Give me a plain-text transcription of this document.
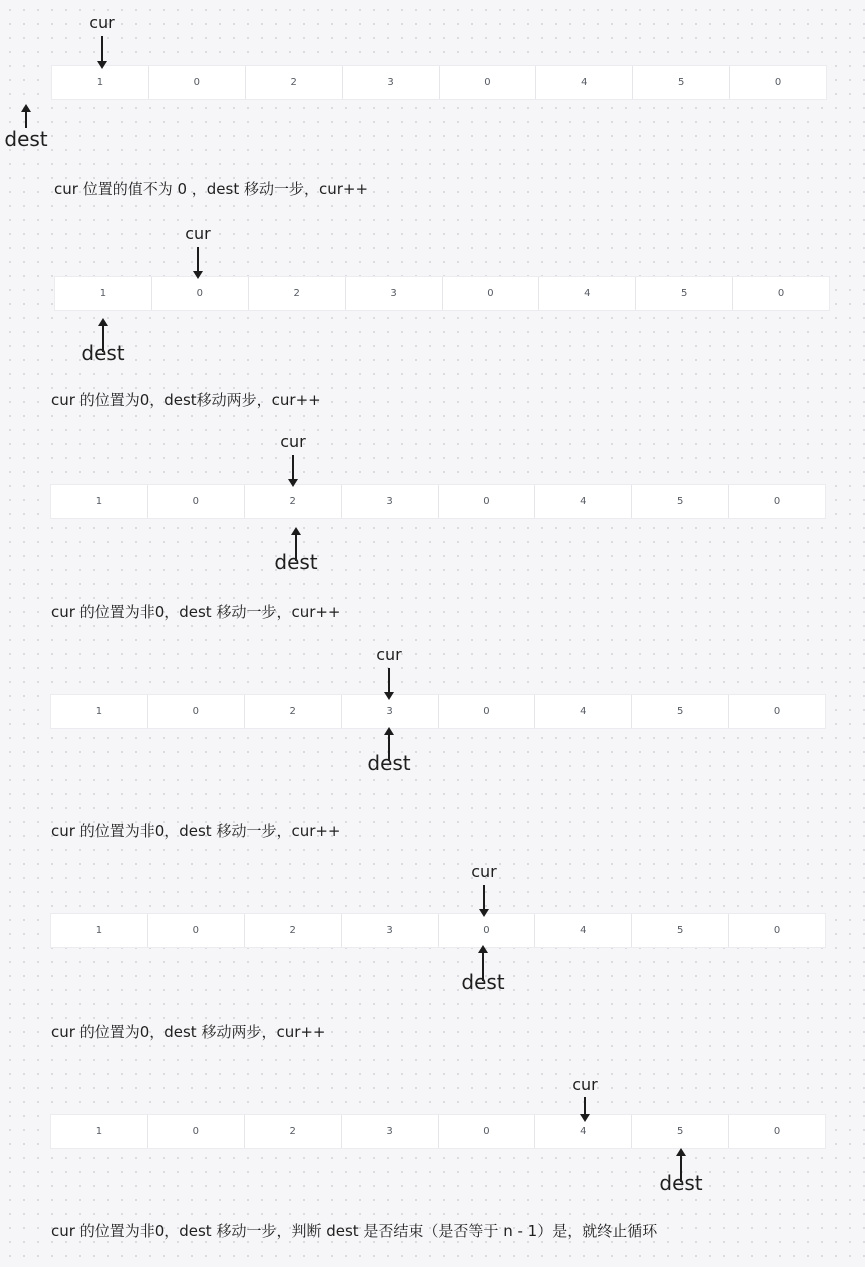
1	0	2	3	0	4	5	0
cur
dest
cur 位置的值不为 0 ，dest 移动一步，cur++
1	0	2	3	0	4	5	0
cur
dest
cur 的位置为0，dest移动两步，cur++
1	0	2	3	0	4	5	0
cur
dest
cur 的位置为非0，dest 移动一步，cur++
1	0	2	3	0	4	5	0
cur
dest
cur 的位置为非0，dest 移动一步，cur++
1	0	2	3	0	4	5	0
cur
dest
cur 的位置为0，dest 移动两步，cur++
1	0	2	3	0	4	5	0
cur
dest
cur 的位置为非0，dest 移动一步，判断 dest 是否结束（是否等于 n - 1）是，就终止循环
